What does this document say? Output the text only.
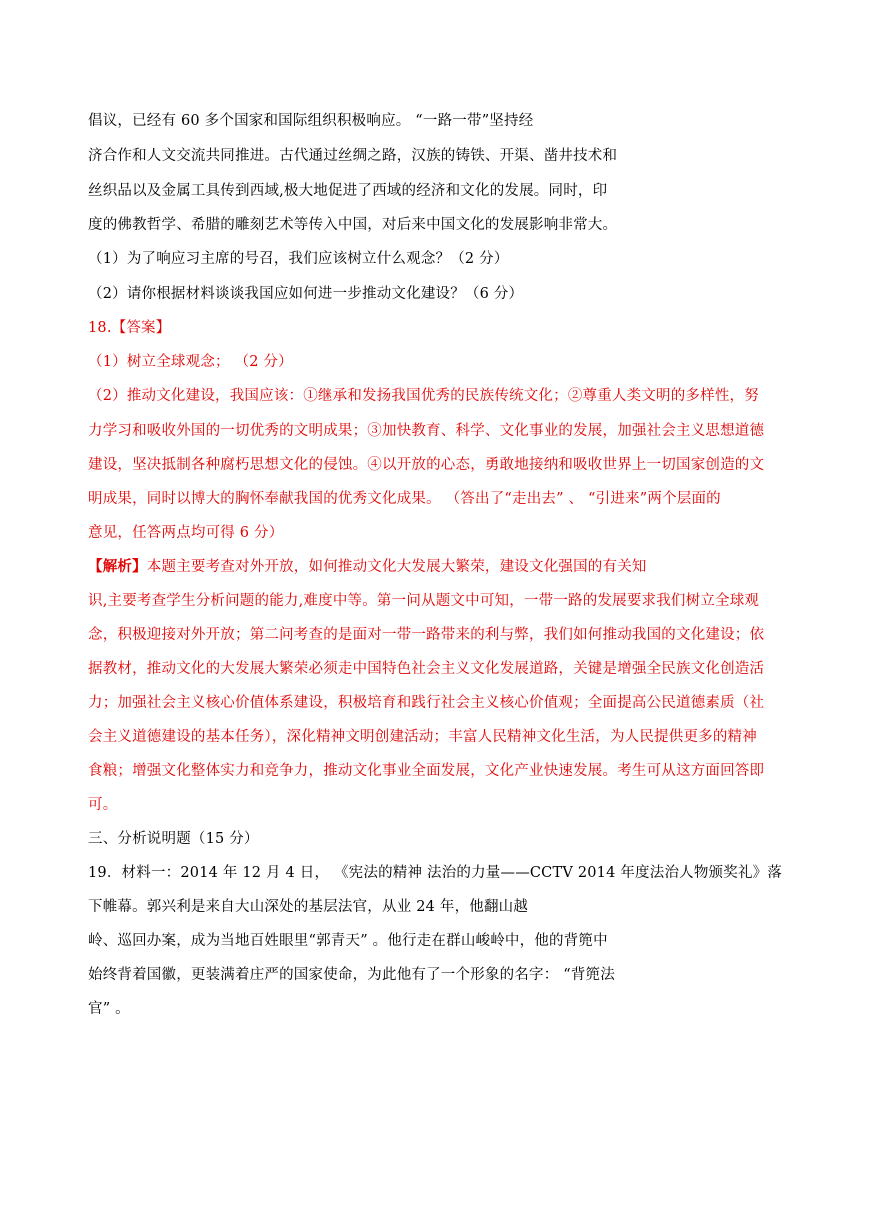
倡议，已经有 60 多个国家和国际组织积极响应。 “一路一带”坚持经
济合作和人文交流共同推进。古代通过丝绸之路，汉族的铸铁、开渠、凿井技术和
丝织品以及金属工具传到西域,极大地促进了西域的经济和文化的发展。同时，印
度的佛教哲学、希腊的雕刻艺术等传入中国，对后来中国文化的发展影响非常大。
（1）为了响应习主席的号召，我们应该树立什么观念？（2 分）
（2）请你根据材料谈谈我国应如何进一步推动文化建设？（6 分）
18.【答案】
（1）树立全球观念； （2 分）
（2）推动文化建设，我国应该：①继承和发扬我国优秀的民族传统文化；②尊重人类文明的多样性，努
力学习和吸收外国的一切优秀的文明成果；③加快教育、科学、文化事业的发展，加强社会主义思想道德
建设，坚决抵制各种腐朽思想文化的侵蚀。④以开放的心态，勇敢地接纳和吸收世界上一切国家创造的文
明成果，同时以博大的胸怀奉献我国的优秀文化成果。 （答出了“走出去” 、 “引进来”两个层面的
意见，任答两点均可得 6 分）
【解析】本题主要考查对外开放，如何推动文化大发展大繁荣，建设文化强国的有关知
识,主要考查学生分析问题的能力,难度中等。第一问从题文中可知，一带一路的发展要求我们树立全球观
念，积极迎接对外开放；第二问考查的是面对一带一路带来的利与弊，我们如何推动我国的文化建设；依
据教材，推动文化的大发展大繁荣必须走中国特色社会主义文化发展道路，关键是增强全民族文化创造活
力；加强社会主义核心价值体系建设，积极培育和践行社会主义核心价值观；全面提高公民道德素质（社
会主义道德建设的基本任务），深化精神文明创建活动；丰富人民精神文化生活，为人民提供更多的精神
食粮；增强文化整体实力和竞争力，推动文化事业全面发展，文化产业快速发展。考生可从这方面回答即
可。
三、分析说明题（15 分）
19．材料一：2014 年 12 月 4 日， 《宪法的精神 法治的力量——CCTV 2014 年度法治人物颁奖礼》落
下帷幕。郭兴利是来自大山深处的基层法官，从业 24 年，他翻山越
岭、巡回办案，成为当地百姓眼里“郭青天” 。他行走在群山峻岭中，他的背篼中
始终背着国徽，更装满着庄严的国家使命，为此他有了一个形象的名字： “背篼法
官” 。
